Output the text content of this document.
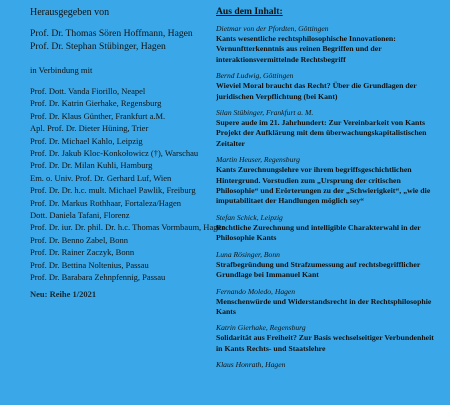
Herausgegeben von
Prof. Dr. Thomas Sören Hoffmann, Hagen
Prof. Dr. Stephan Stübinger, Hagen
in Verbindung mit
Prof. Dott. Vanda Fiorillo, Neapel
Prof. Dr. Katrin Gierhake, Regensburg
Prof. Dr. Klaus Günther, Frankfurt a.M.
Apl. Prof. Dr. Dieter Hüning, Trier
Prof. Dr. Michael Kahlo, Leipzig
Prof. Dr. Jakub Kloc-Konkołowicz (†), Warschau
Prof. Dr. Dr. Milan Kuhli, Hamburg
Em. o. Univ. Prof. Dr. Gerhard Luf, Wien
Prof. Dr. Dr. h.c. mult. Michael Pawlik, Freiburg
Prof. Dr. Markus Rothhaar, Fortaleza/Hagen
Dott. Daniela Tafani, Florenz
Prof. Dr. iur. Dr. phil. Dr. h.c. Thomas Vormbaum, Hagen
Prof. Dr. Benno Zabel, Bonn
Prof. Dr. Rainer Zaczyk, Bonn
Prof. Dr. Bettina Noltenius, Passau
Prof. Dr. Barabara Zehnpfennig, Passau
Neu: Reihe 1/2021
Aus dem Inhalt:
Dietmar von der Pfordten, Göttingen
Kants wesentliche rechtsphilosophische Innovationen: Vernunftterkenntnis aus reinen Begriffen und der interaktionsvermittelnde Rechtsbegriff
Bernd Ludwig, Göttingen
Wieviel Moral braucht das Recht? Über die Grundlagen der juridischen Verpflichtung (bei Kant)
Silan Stübinger, Frankfurt a. M.
Supere aude im 21. Jahrhundert: Zur Vereinbarkeit von Kants Projekt der Aufklärung mit dem überwachungskapitalistischen Zeitalter
Martin Heuser, Regensburg
Kants Zurechnungslehre vor ihrem begriffsgeschichtlichen Hintergrund. Vorstudien zum „Ursprung der critischen Philosophie“ und Erörterungen zu der „Schwierigkeit“, „wie die imputabilitaet der Handlungen möglich sey“
Stefan Schick, Leipzig
Rechtliche Zurechnung und intelligible Charakterwahl in der Philosophie Kants
Luna Rösinger, Bonn
Strafbegründung und Strafzumessung auf rechtsbegrifflicher Grundlage bei Immanuel Kant
Fernando Moledo, Hagen
Menschenwürde und Widerstandsrecht in der Rechtsphilosophie Kants
Katrin Gierhake, Regensburg
Solidarität aus Freiheit? Zur Basis wechselseitiger Verbundenheit in Kants Rechts- und Staatslehre
Klaus Honrath, Hagen
